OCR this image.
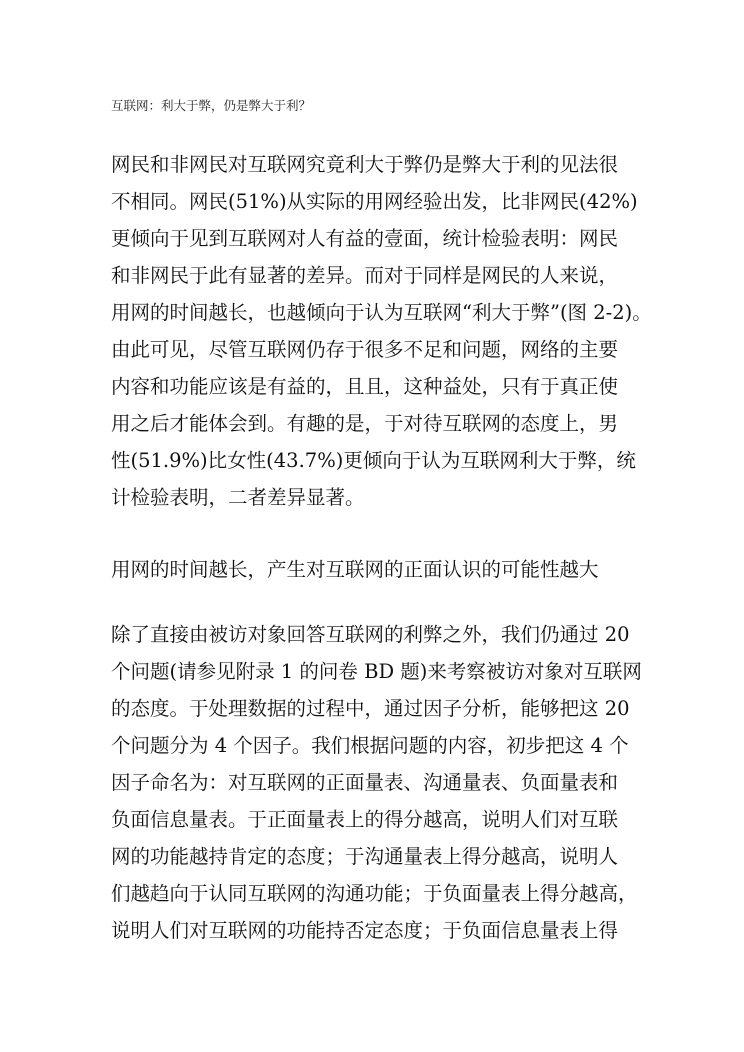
互联网：利大于弊，仍是弊大于利？
网民和非网民对互联网究竟利大于弊仍是弊大于利的见法很
不相同。网民(51%)从实际的用网经验出发，比非网民(42%)
更倾向于见到互联网对人有益的壹面，统计检验表明：网民
和非网民于此有显著的差异。而对于同样是网民的人来说，
用网的时间越长，也越倾向于认为互联网“利大于弊”(图 2-2)。
由此可见，尽管互联网仍存于很多不足和问题，网络的主要
内容和功能应该是有益的，且且，这种益处，只有于真正使
用之后才能体会到。有趣的是，于对待互联网的态度上，男
性(51.9%)比女性(43.7%)更倾向于认为互联网利大于弊，统
计检验表明，二者差异显著。
用网的时间越长，产生对互联网的正面认识的可能性越大
除了直接由被访对象回答互联网的利弊之外，我们仍通过 20
个问题(请参见附录 1 的问卷 BD 题)来考察被访对象对互联网
的态度。于处理数据的过程中，通过因子分析，能够把这 20
个问题分为 4 个因子。我们根据问题的内容，初步把这 4 个
因子命名为：对互联网的正面量表、沟通量表、负面量表和
负面信息量表。于正面量表上的得分越高，说明人们对互联
网的功能越持肯定的态度；于沟通量表上得分越高，说明人
们越趋向于认同互联网的沟通功能；于负面量表上得分越高，
说明人们对互联网的功能持否定态度；于负面信息量表上得
